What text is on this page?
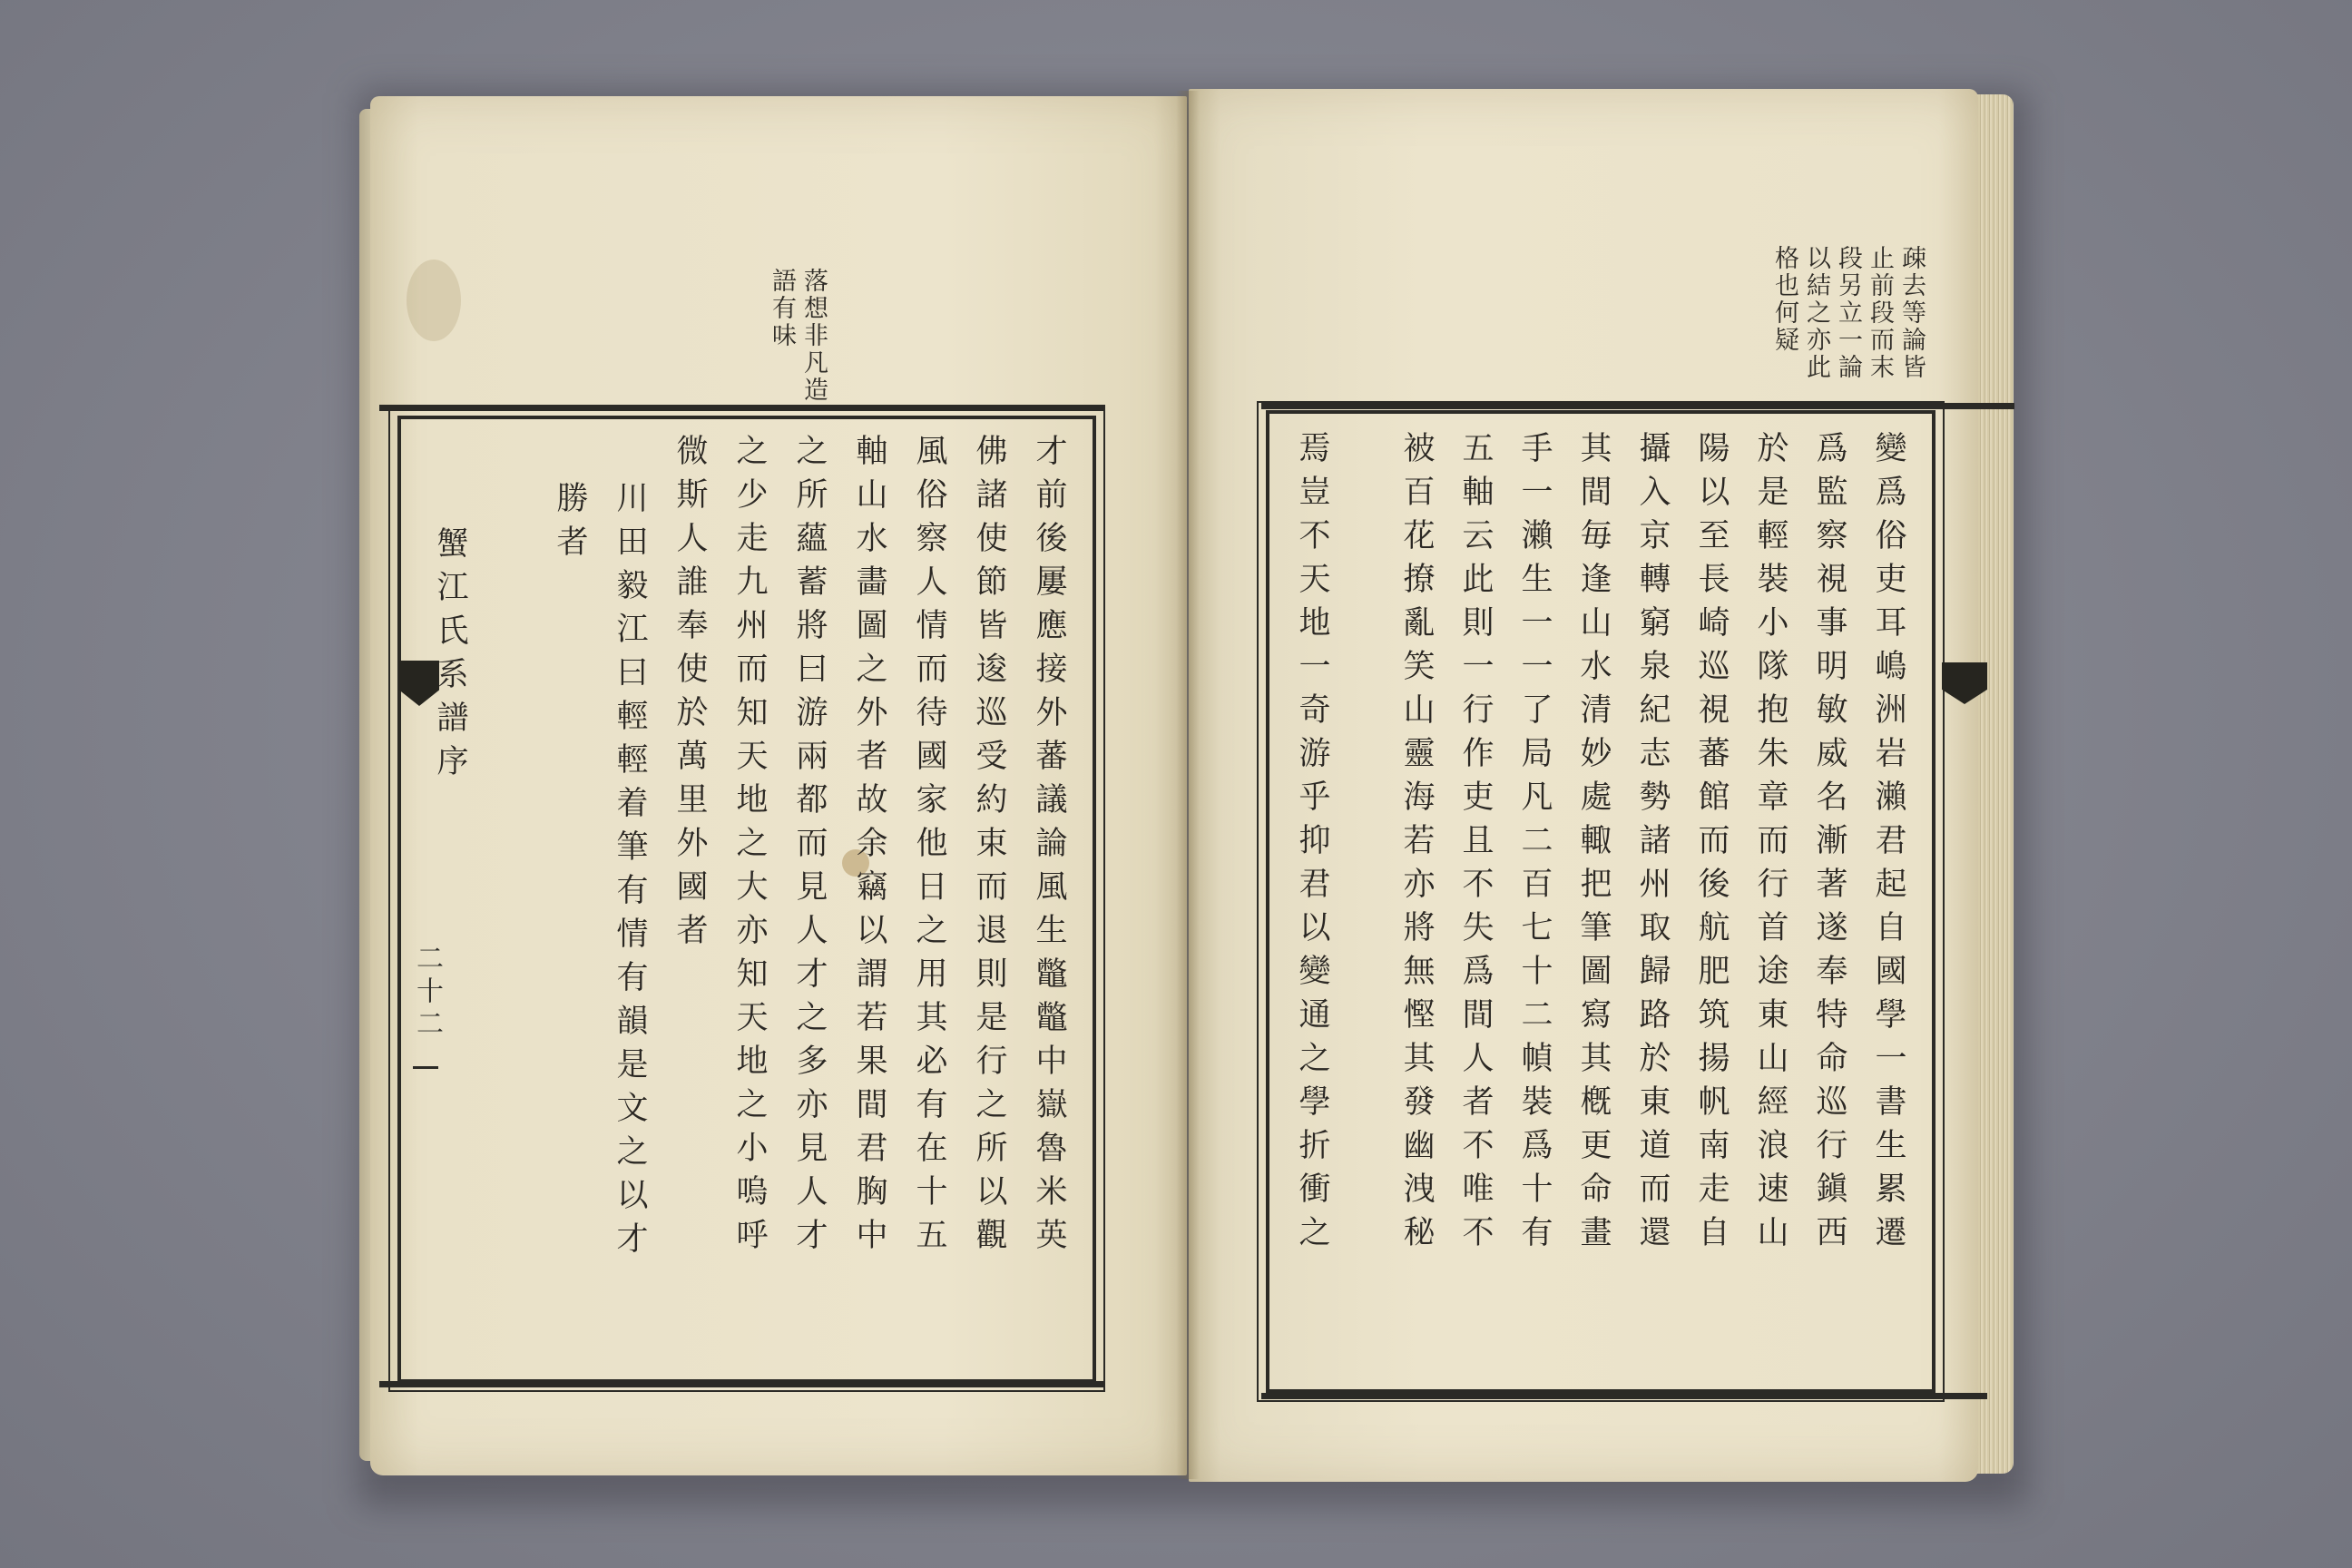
落想非凡造
語有味	疎去等論皆
止前段而末
段另立一論
以結之亦此
格也何疑
才前後屢應接外蕃議論風生鼈鼈中嶽魯米英
佛諸使節皆逡巡受約束而退則是行之所以觀
風俗察人情而待國家他日之用其必有在十五
軸山水畵圖之外者故余竊以謂若果間君胸中
之所蘊蓄將曰游兩都而見人才之多亦見人才
之少走九州而知天地之大亦知天地之小嗚呼
微斯人誰奉使於萬里外國者
川田毅江曰輕輕着筆有情有韻是文之以才
勝者
蟹江氏系譜序
二十二	變爲俗吏耳嶋洲岩瀨君起自國學一書生累遷
爲監察視事明敏威名漸著遂奉特命巡行鎭西
於是輕裝小隊抱朱章而行首途東山經浪速山
陽以至長崎巡視蕃館而後航肥筑揚帆南走自
攝入京轉窮泉紀志勢諸州取歸路於東道而還
其間毎逢山水清妙處輙把筆圖寫其槪更命畫
手一瀨生一一了局凡二百七十二幀裝爲十有
五軸云此則一行作吏且不失爲間人者不唯不
被百花撩亂笑山靈海若亦將無慳其發幽洩秘
焉豈不天地一奇游乎抑君以變通之學折衝之
